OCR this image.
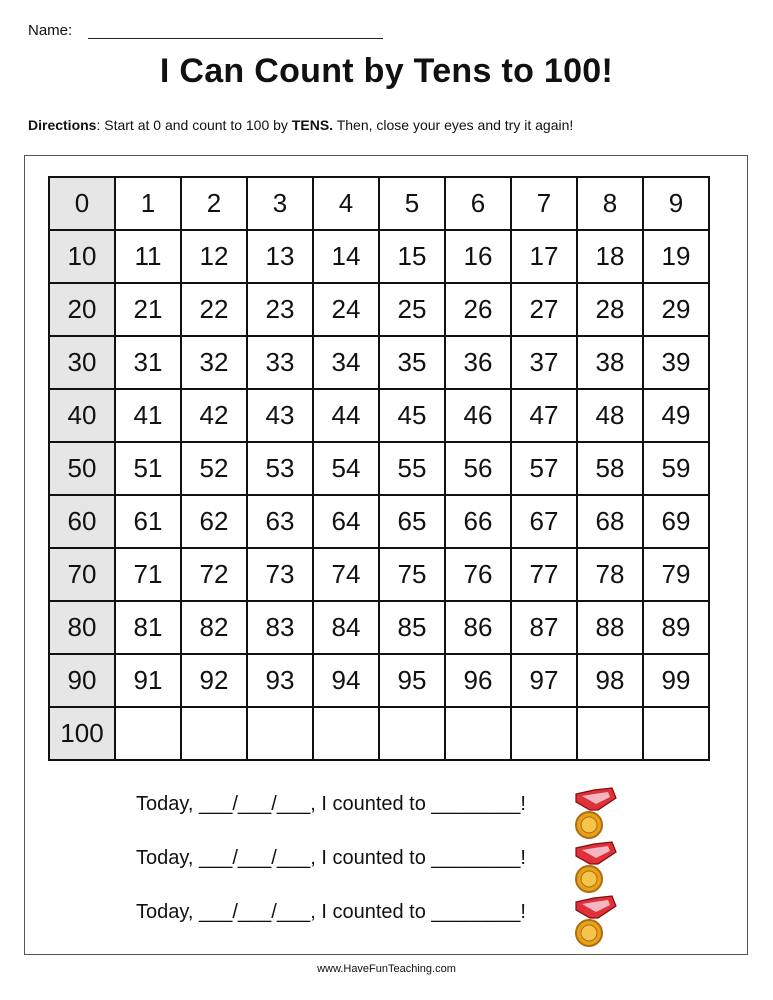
Name:
I Can Count by Tens to 100!
Directions: Start at 0 and count to 100 by TENS. Then, close your eyes and try it again!
0	1	2	3	4	5	6	7	8	9
10	11	12	13	14	15	16	17	18	19
20	21	22	23	24	25	26	27	28	29
30	31	32	33	34	35	36	37	38	39
40	41	42	43	44	45	46	47	48	49
50	51	52	53	54	55	56	57	58	59
60	61	62	63	64	65	66	67	68	69
70	71	72	73	74	75	76	77	78	79
80	81	82	83	84	85	86	87	88	89
90	91	92	93	94	95	96	97	98	99
100									
Today, ___/___/___, I counted to ________!
Today, ___/___/___, I counted to ________!
Today, ___/___/___, I counted to ________!
www.HaveFunTeaching.com
